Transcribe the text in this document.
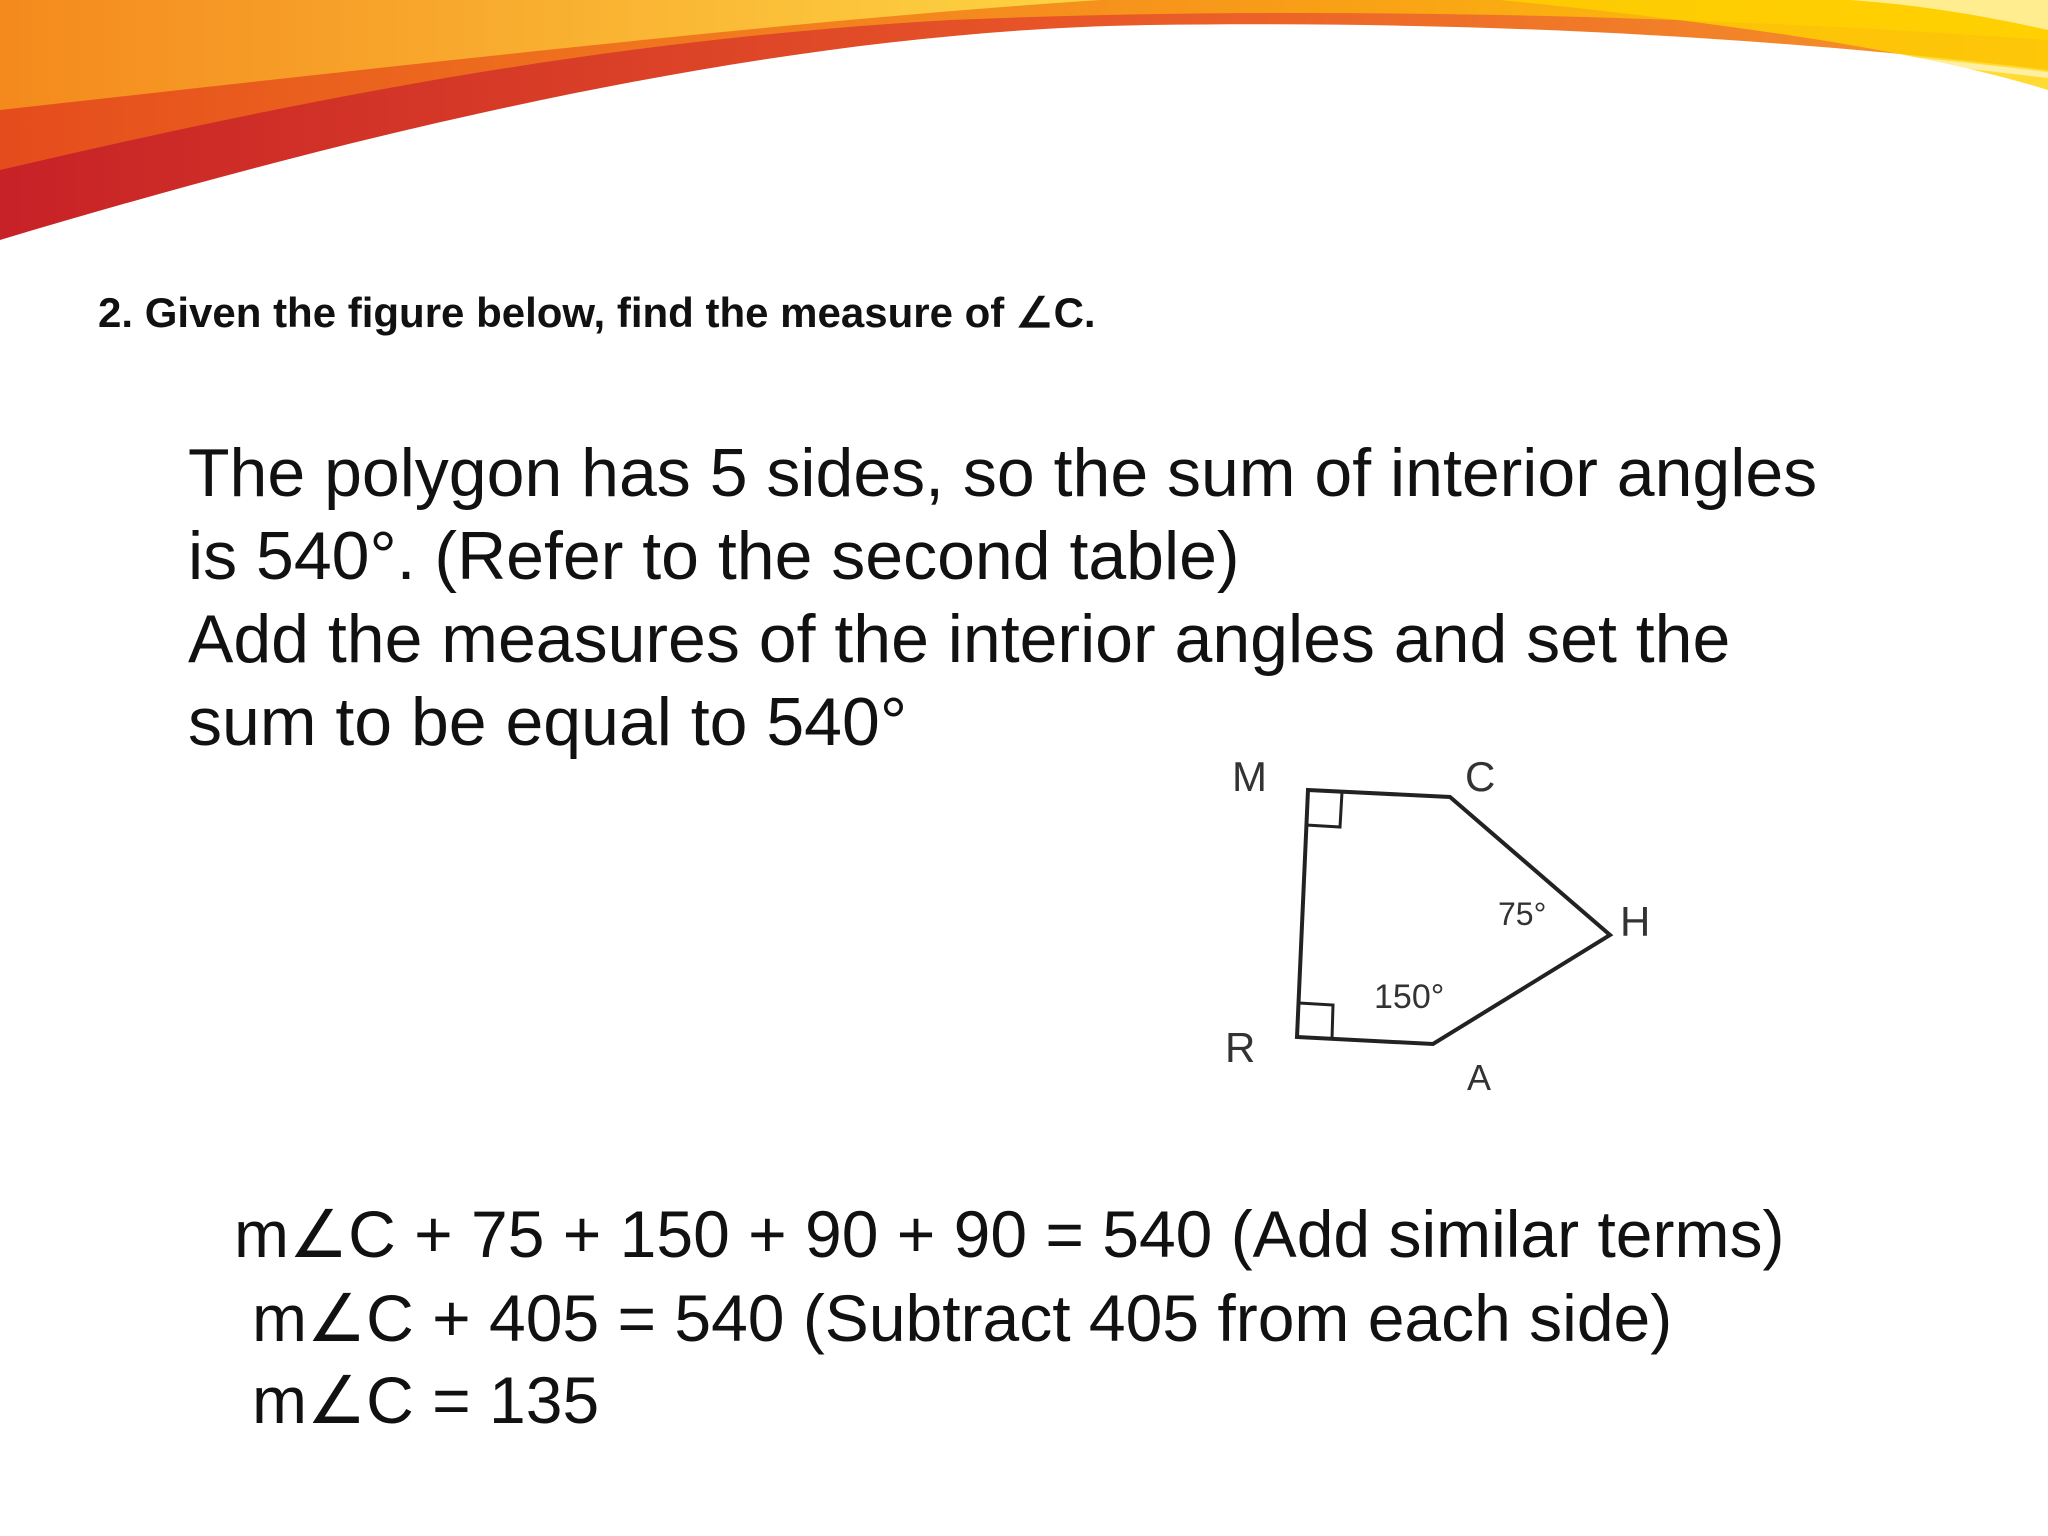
2. Given the figure below, find the measure of ∠C.
The polygon has 5 sides, so the sum of interior angles
is 540°. (Refer to the second table)
Add the measures of the interior angles and set the
sum to be equal to 540°
M	C
H
R
A
75°
150°
m∠C + 75 + 150 + 90 + 90 = 540 (Add similar terms)
m∠C + 405 = 540 (Subtract 405 from each side)
m∠C = 135
